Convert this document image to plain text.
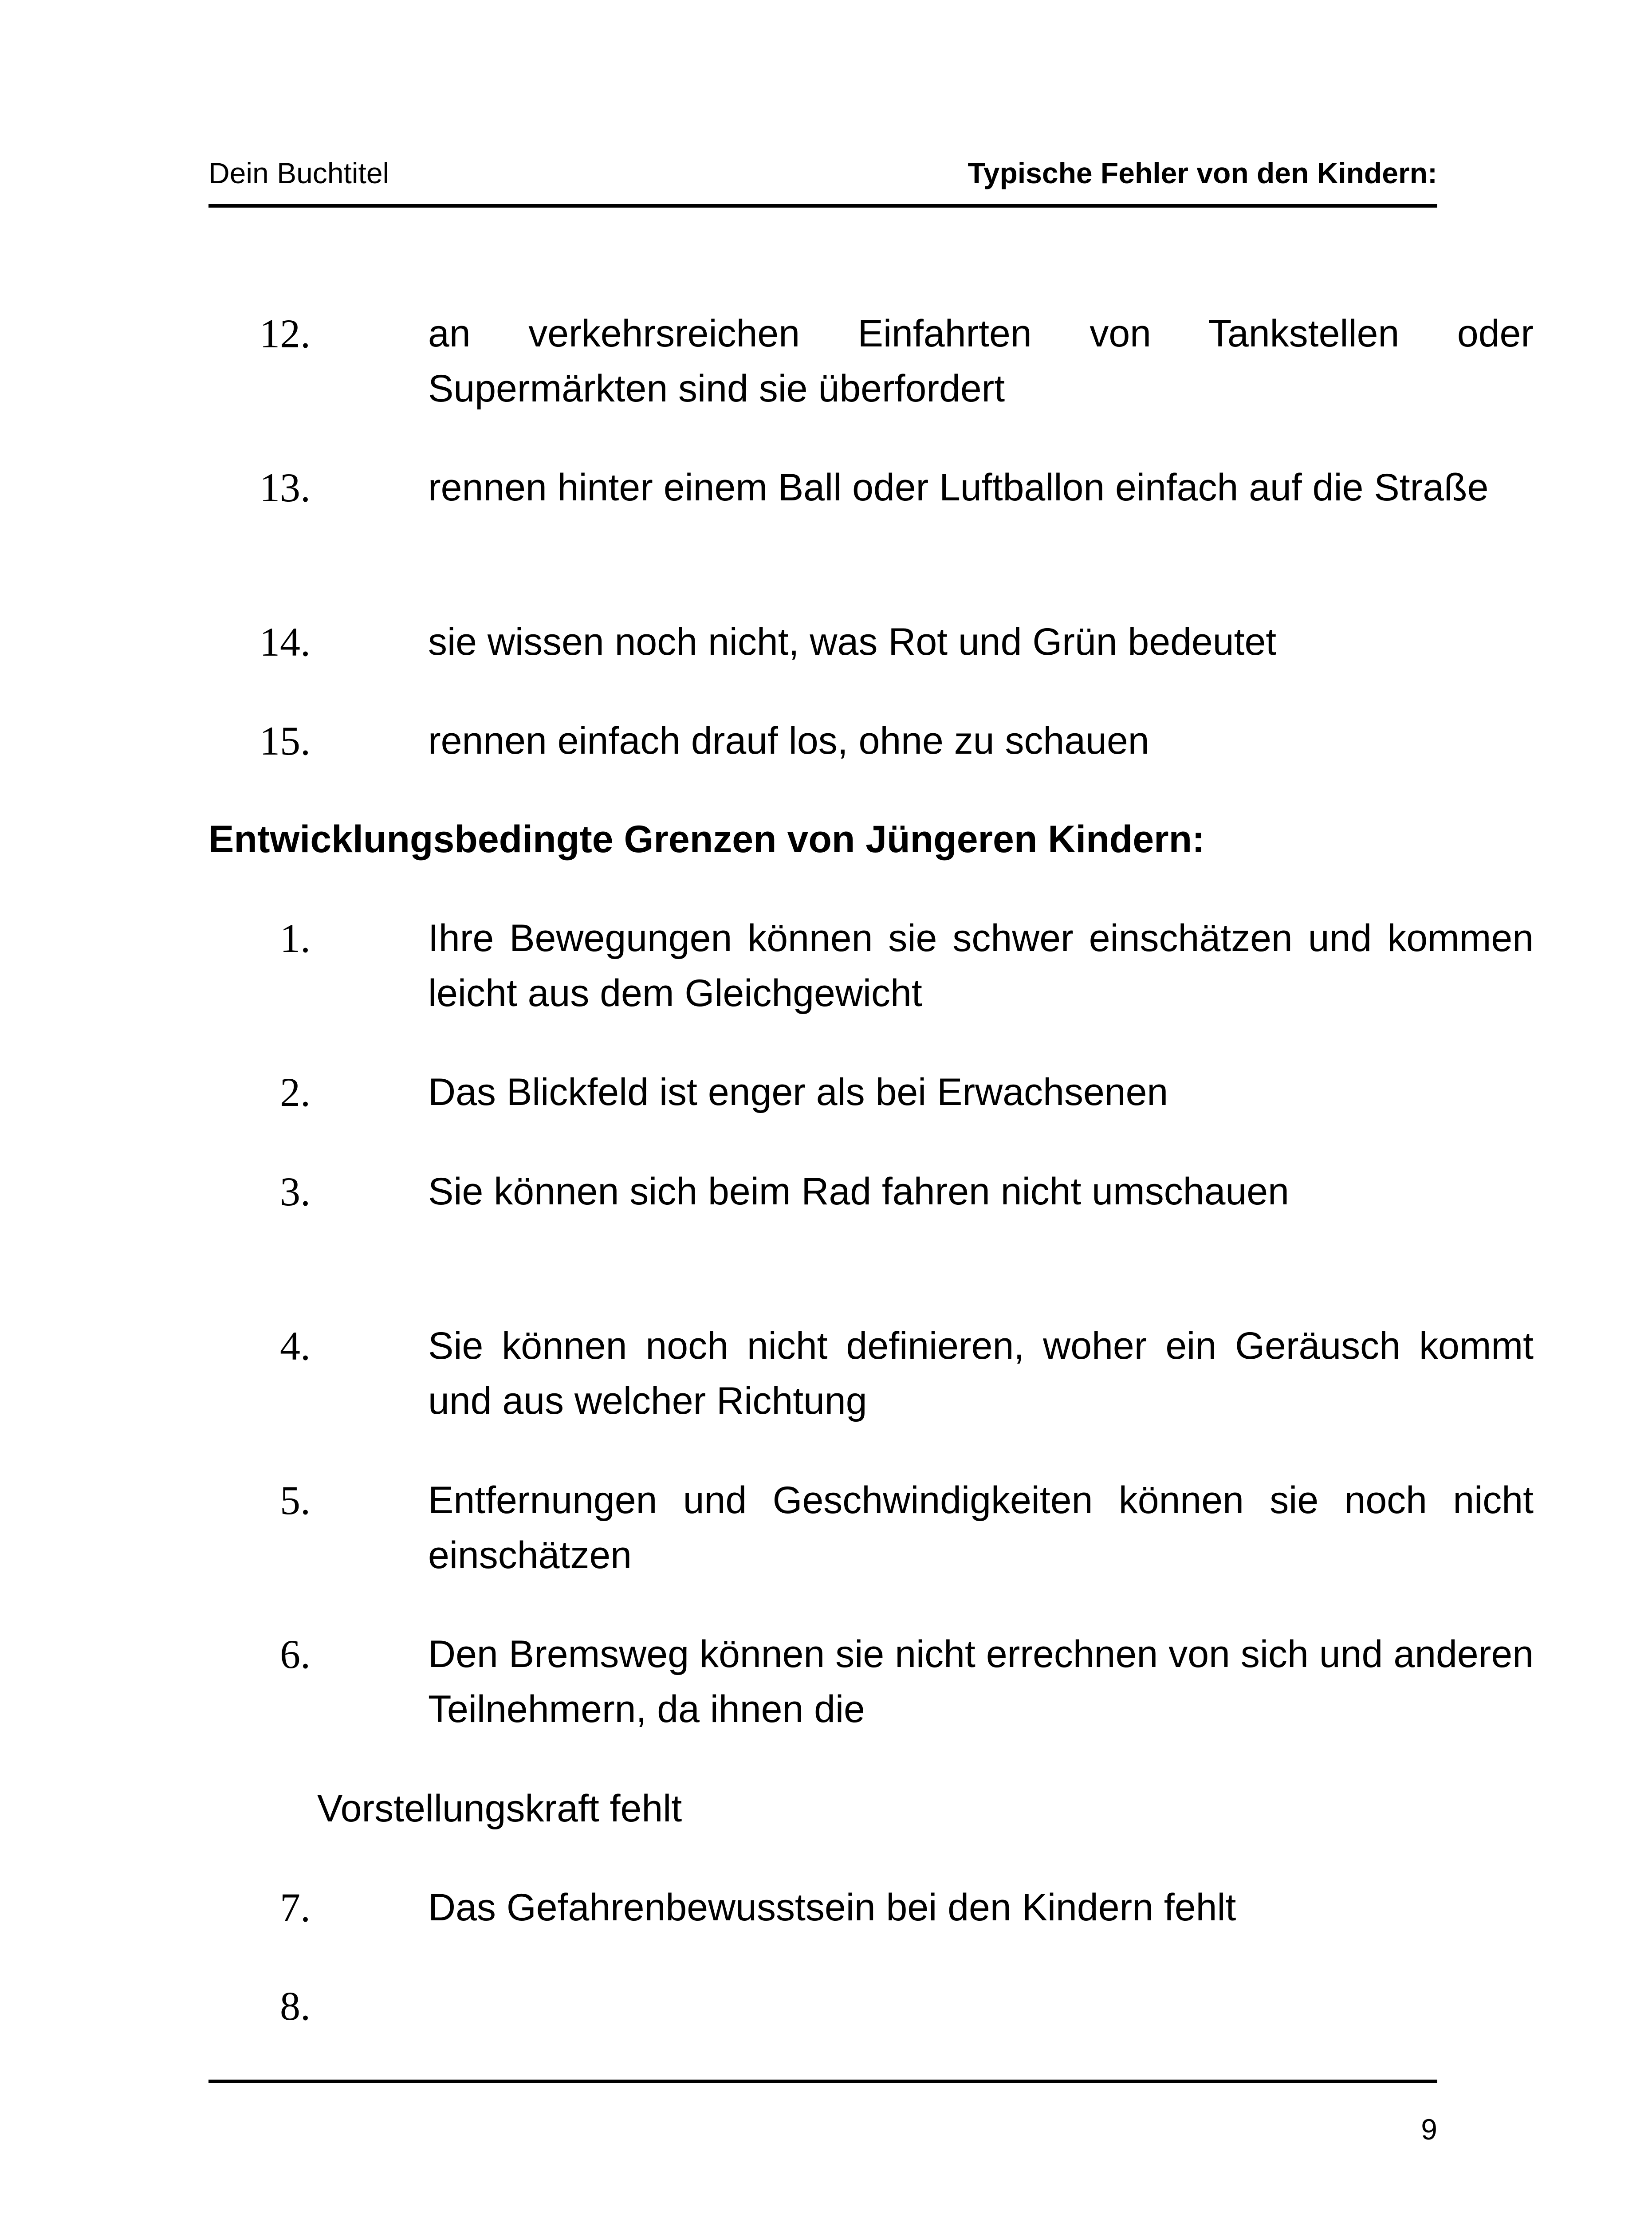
Dein Buchtitel	Typische Fehler von den Kindern:
12.	an verkehrsreichen Einfahrten von Tankstellen oder Supermärkten sind sie überfordert
13.	rennen hinter einem Ball oder Luftballon einfach auf die Straße
14.	sie wissen noch nicht, was Rot und Grün bedeutet
15.	rennen einfach drauf los, ohne zu schauen
Entwicklungsbedingte Grenzen von Jüngeren Kindern:
1.	Ihre Bewegungen können sie schwer einschätzen und kommen leicht aus dem Gleichgewicht
2.	Das Blickfeld ist enger als bei Erwachsenen
3.	Sie können sich beim Rad fahren nicht umschauen
4.	Sie können noch nicht definieren, woher ein Geräusch kommt und aus welcher Richtung
5.	Entfernungen und Geschwindigkeiten können sie noch nicht einschätzen
6.	Den Bremsweg können sie nicht errechnen von sich und anderen Teilnehmern, da ihnen die
Vorstellungskraft fehlt
7.	Das Gefahrenbewusstsein bei den Kindern fehlt
8.
9
